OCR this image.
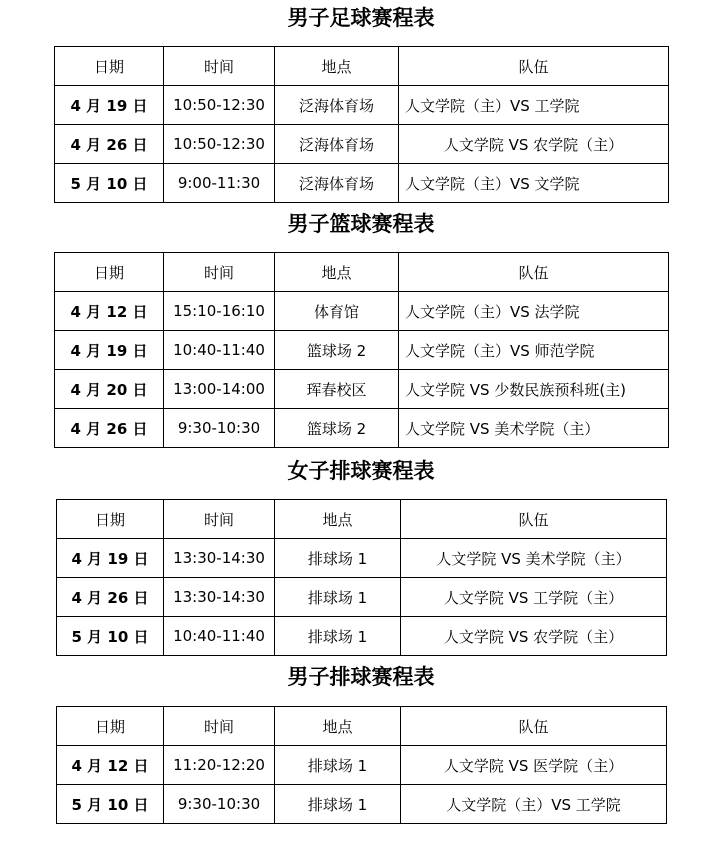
男子足球赛程表
日期	时间	地点	队伍
4 月 19 日	10:50-12:30	泛海体育场	人文学院（主）VS 工学院
4 月 26 日	10:50-12:30	泛海体育场	人文学院 VS 农学院（主）
5 月 10 日	9:00-11:30	泛海体育场	人文学院（主）VS 文学院
男子篮球赛程表
日期	时间	地点	队伍
4 月 12 日	15:10-16:10	体育馆	人文学院（主）VS 法学院
4 月 19 日	10:40-11:40	篮球场 2	人文学院（主）VS 师范学院
4 月 20 日	13:00-14:00	珲春校区	人文学院 VS 少数民族预科班(主)
4 月 26 日	9:30-10:30	篮球场 2	人文学院 VS 美术学院（主）
女子排球赛程表
日期	时间	地点	队伍
4 月 19 日	13:30-14:30	排球场 1	人文学院 VS 美术学院（主）
4 月 26 日	13:30-14:30	排球场 1	人文学院 VS 工学院（主）
5 月 10 日	10:40-11:40	排球场 1	人文学院 VS 农学院（主）
男子排球赛程表
日期	时间	地点	队伍
4 月 12 日	11:20-12:20	排球场 1	人文学院 VS 医学院（主）
5 月 10 日	9:30-10:30	排球场 1	人文学院（主）VS 工学院
